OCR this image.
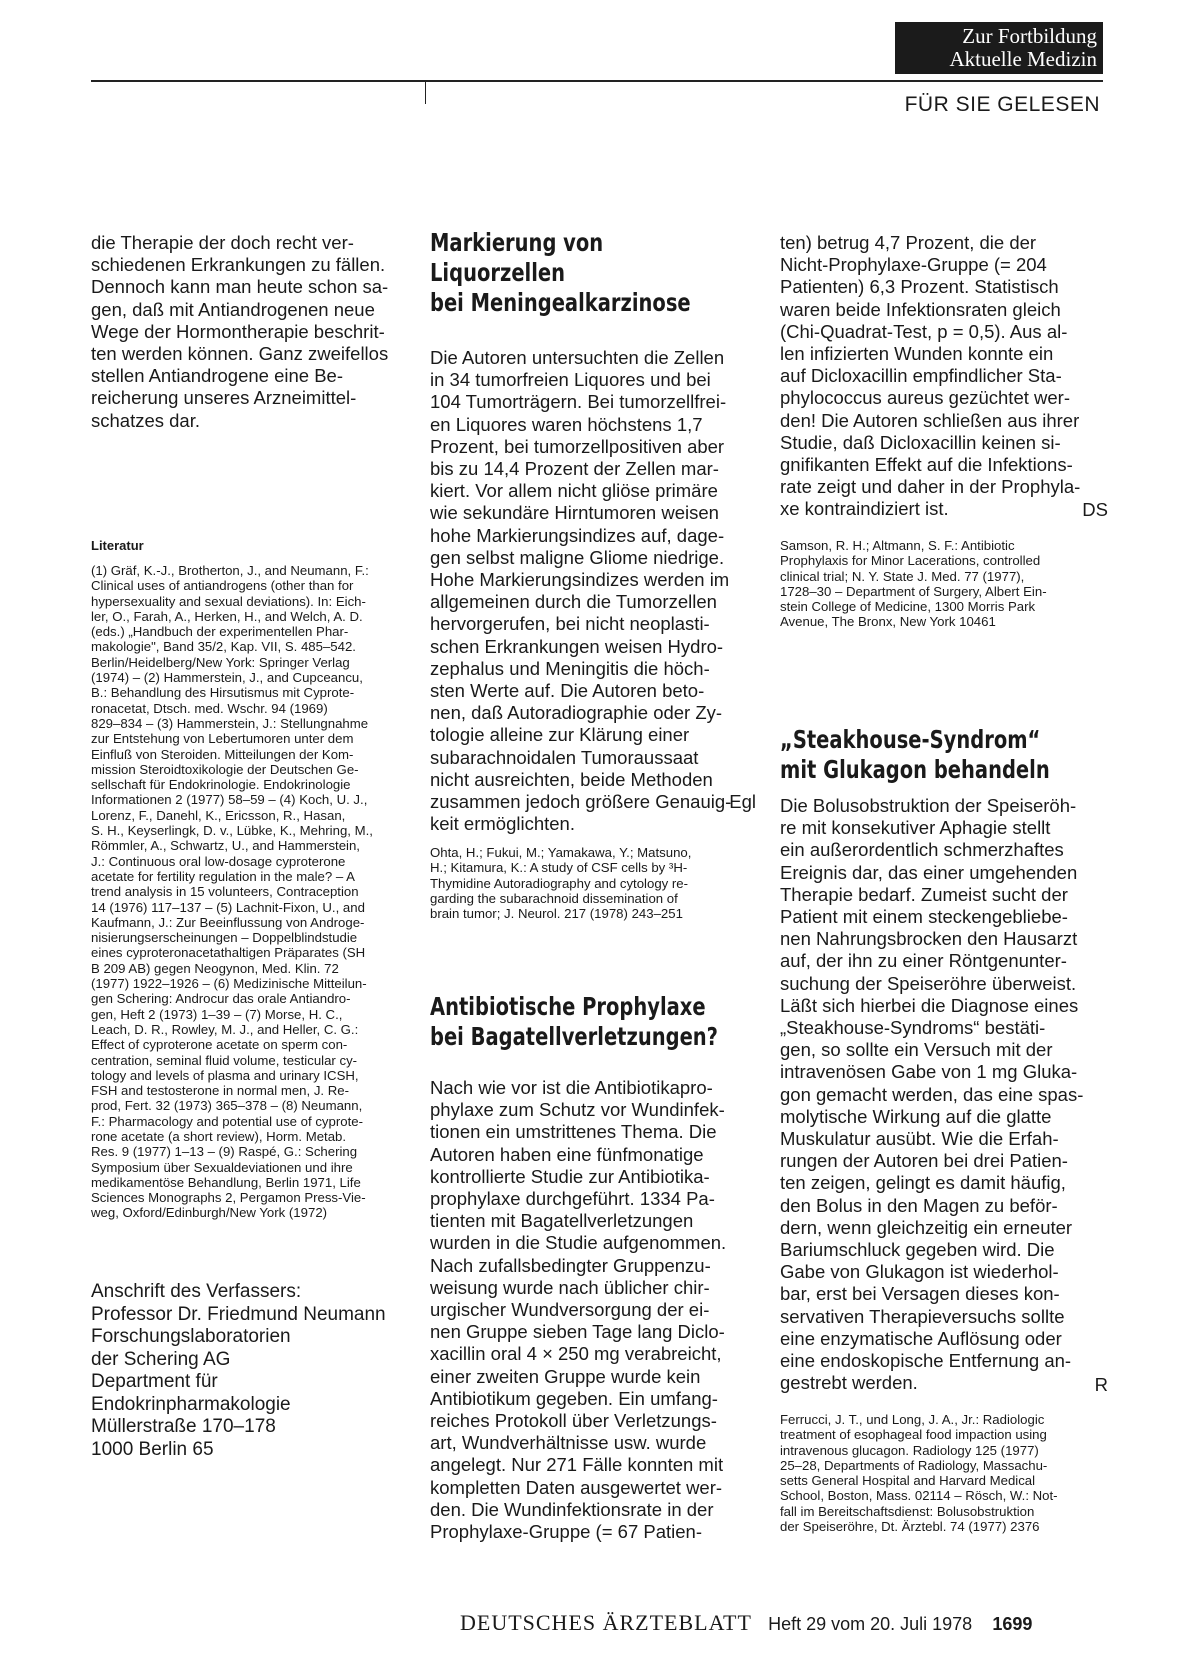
Zur Fortbildung
Aktuelle Medizin
FÜR SIE GELESEN
die Therapie der doch recht ver-
schiedenen Erkrankungen zu fällen.
Dennoch kann man heute schon sa-
gen, daß mit Antiandrogenen neue
Wege der Hormontherapie beschrit-
ten werden können. Ganz zweifellos
stellen Antiandrogene eine Be-
reicherung unseres Arzneimittel-
schatzes dar.
Literatur
(1) Gräf, K.-J., Brotherton, J., and Neumann, F.:
Clinical uses of antiandrogens (other than for
hypersexuality and sexual deviations). In: Eich-
ler, O., Farah, A., Herken, H., and Welch, A. D.
(eds.) „Handbuch der experimentellen Phar-
makologie", Band 35/2, Kap. VII, S. 485–542.
Berlin/Heidelberg/New York: Springer Verlag
(1974) – (2) Hammerstein, J., and Cupceancu,
B.: Behandlung des Hirsutismus mit Cyprote-
ronacetat, Dtsch. med. Wschr. 94 (1969)
829–834 – (3) Hammerstein, J.: Stellungnahme
zur Entstehung von Lebertumoren unter dem
Einfluß von Steroiden. Mitteilungen der Kom-
mission Steroidtoxikologie der Deutschen Ge-
sellschaft für Endokrinologie. Endokrinologie
Informationen 2 (1977) 58–59 – (4) Koch, U. J.,
Lorenz, F., Danehl, K., Ericsson, R., Hasan,
S. H., Keyserlingk, D. v., Lübke, K., Mehring, M.,
Römmler, A., Schwartz, U., and Hammerstein,
J.: Continuous oral low-dosage cyproterone
acetate for fertility regulation in the male? – A
trend analysis in 15 volunteers, Contraception
14 (1976) 117–137 – (5) Lachnit-Fixon, U., and
Kaufmann, J.: Zur Beeinflussung von Androge-
nisierungserscheinungen – Doppelblindstudie
eines cyproteronacetathaltigen Präparates (SH
B 209 AB) gegen Neogynon, Med. Klin. 72
(1977) 1922–1926 – (6) Medizinische Mitteilun-
gen Schering: Androcur das orale Antiandro-
gen, Heft 2 (1973) 1–39 – (7) Morse, H. C.,
Leach, D. R., Rowley, M. J., and Heller, C. G.:
Effect of cyproterone acetate on sperm con-
centration, seminal fluid volume, testicular cy-
tology and levels of plasma and urinary ICSH,
FSH and testosterone in normal men, J. Re-
prod, Fert. 32 (1973) 365–378 – (8) Neumann,
F.: Pharmacology and potential use of cyprote-
rone acetate (a short review), Horm. Metab.
Res. 9 (1977) 1–13 – (9) Raspé, G.: Schering
Symposium über Sexualdeviationen und ihre
medikamentöse Behandlung, Berlin 1971, Life
Sciences Monographs 2, Pergamon Press-Vie-
weg, Oxford/Edinburgh/New York (1972)
Anschrift des Verfassers:
Professor Dr. Friedmund Neumann
Forschungslaboratorien
der Schering AG
Department für
Endokrinpharmakologie
Müllerstraße 170–178
1000 Berlin 65
Markierung von
Liquorzellen
bei Meningealkarzinose
Die Autoren untersuchten die Zellen
in 34 tumorfreien Liquores und bei
104 Tumorträgern. Bei tumorzellfrei-
en Liquores waren höchstens 1,7
Prozent, bei tumorzellpositiven aber
bis zu 14,4 Prozent der Zellen mar-
kiert. Vor allem nicht gliöse primäre
wie sekundäre Hirntumoren weisen
hohe Markierungsindizes auf, dage-
gen selbst maligne Gliome niedrige.
Hohe Markierungsindizes werden im
allgemeinen durch die Tumorzellen
hervorgerufen, bei nicht neoplasti-
schen Erkrankungen weisen Hydro-
zephalus und Meningitis die höch-
sten Werte auf. Die Autoren beto-
nen, daß Autoradiographie oder Zy-
tologie alleine zur Klärung einer
subarachnoidalen Tumoraussaat
nicht ausreichten, beide Methoden
zusammen jedoch größere Genauig-
keit ermöglichten.
Egl
Ohta, H.; Fukui, M.; Yamakawa, Y.; Matsuno,
H.; Kitamura, K.: A study of CSF cells by ³H-
Thymidine Autoradiography and cytology re-
garding the subarachnoid dissemination of
brain tumor; J. Neurol. 217 (1978) 243–251
Antibiotische Prophylaxe
bei Bagatellverletzungen?
Nach wie vor ist die Antibiotikapro-
phylaxe zum Schutz vor Wundinfek-
tionen ein umstrittenes Thema. Die
Autoren haben eine fünfmonatige
kontrollierte Studie zur Antibiotika-
prophylaxe durchgeführt. 1334 Pa-
tienten mit Bagatellverletzungen
wurden in die Studie aufgenommen.
Nach zufallsbedingter Gruppenzu-
weisung wurde nach üblicher chir-
urgischer Wundversorgung der ei-
nen Gruppe sieben Tage lang Diclo-
xacillin oral 4 × 250 mg verabreicht,
einer zweiten Gruppe wurde kein
Antibiotikum gegeben. Ein umfang-
reiches Protokoll über Verletzungs-
art, Wundverhältnisse usw. wurde
angelegt. Nur 271 Fälle konnten mit
kompletten Daten ausgewertet wer-
den. Die Wundinfektionsrate in der
Prophylaxe-Gruppe (= 67 Patien-
ten) betrug 4,7 Prozent, die der
Nicht-Prophylaxe-Gruppe (= 204
Patienten) 6,3 Prozent. Statistisch
waren beide Infektionsraten gleich
(Chi-Quadrat-Test, p = 0,5). Aus al-
len infizierten Wunden konnte ein
auf Dicloxacillin empfindlicher Sta-
phylococcus aureus gezüchtet wer-
den! Die Autoren schließen aus ihrer
Studie, daß Dicloxacillin keinen si-
gnifikanten Effekt auf die Infektions-
rate zeigt und daher in der Prophyla-
xe kontraindiziert ist.	DS
Samson, R. H.; Altmann, S. F.: Antibiotic
Prophylaxis for Minor Lacerations, controlled
clinical trial; N. Y. State J. Med. 77 (1977),
1728–30 – Department of Surgery, Albert Ein-
stein College of Medicine, 1300 Morris Park
Avenue, The Bronx, New York 10461
„Steakhouse-Syndrom“
mit Glukagon behandeln
Die Bolusobstruktion der Speiseröh-
re mit konsekutiver Aphagie stellt
ein außerordentlich schmerzhaftes
Ereignis dar, das einer umgehenden
Therapie bedarf. Zumeist sucht der
Patient mit einem steckengebliebe-
nen Nahrungsbrocken den Hausarzt
auf, der ihn zu einer Röntgenunter-
suchung der Speiseröhre überweist.
Läßt sich hierbei die Diagnose eines
„Steakhouse-Syndroms“ bestäti-
gen, so sollte ein Versuch mit der
intravenösen Gabe von 1 mg Gluka-
gon gemacht werden, das eine spas-
molytische Wirkung auf die glatte
Muskulatur ausübt. Wie die Erfah-
rungen der Autoren bei drei Patien-
ten zeigen, gelingt es damit häufig,
den Bolus in den Magen zu beför-
dern, wenn gleichzeitig ein erneuter
Bariumschluck gegeben wird. Die
Gabe von Glukagon ist wiederhol-
bar, erst bei Versagen dieses kon-
servativen Therapieversuchs sollte
eine enzymatische Auflösung oder
eine endoskopische Entfernung an-
gestrebt werden.	R
Ferrucci, J. T., und Long, J. A., Jr.: Radiologic
treatment of esophageal food impaction using
intravenous glucagon. Radiology 125 (1977)
25–28, Departments of Radiology, Massachu-
setts General Hospital and Harvard Medical
School, Boston, Mass. 02114 – Rösch, W.: Not-
fall im Bereitschaftsdienst: Bolusobstruktion
der Speiseröhre, Dt. Ärztebl. 74 (1977) 2376
DEUTSCHES ÄRZTEBLATT Heft 29 vom 20. Juli 1978 1699
